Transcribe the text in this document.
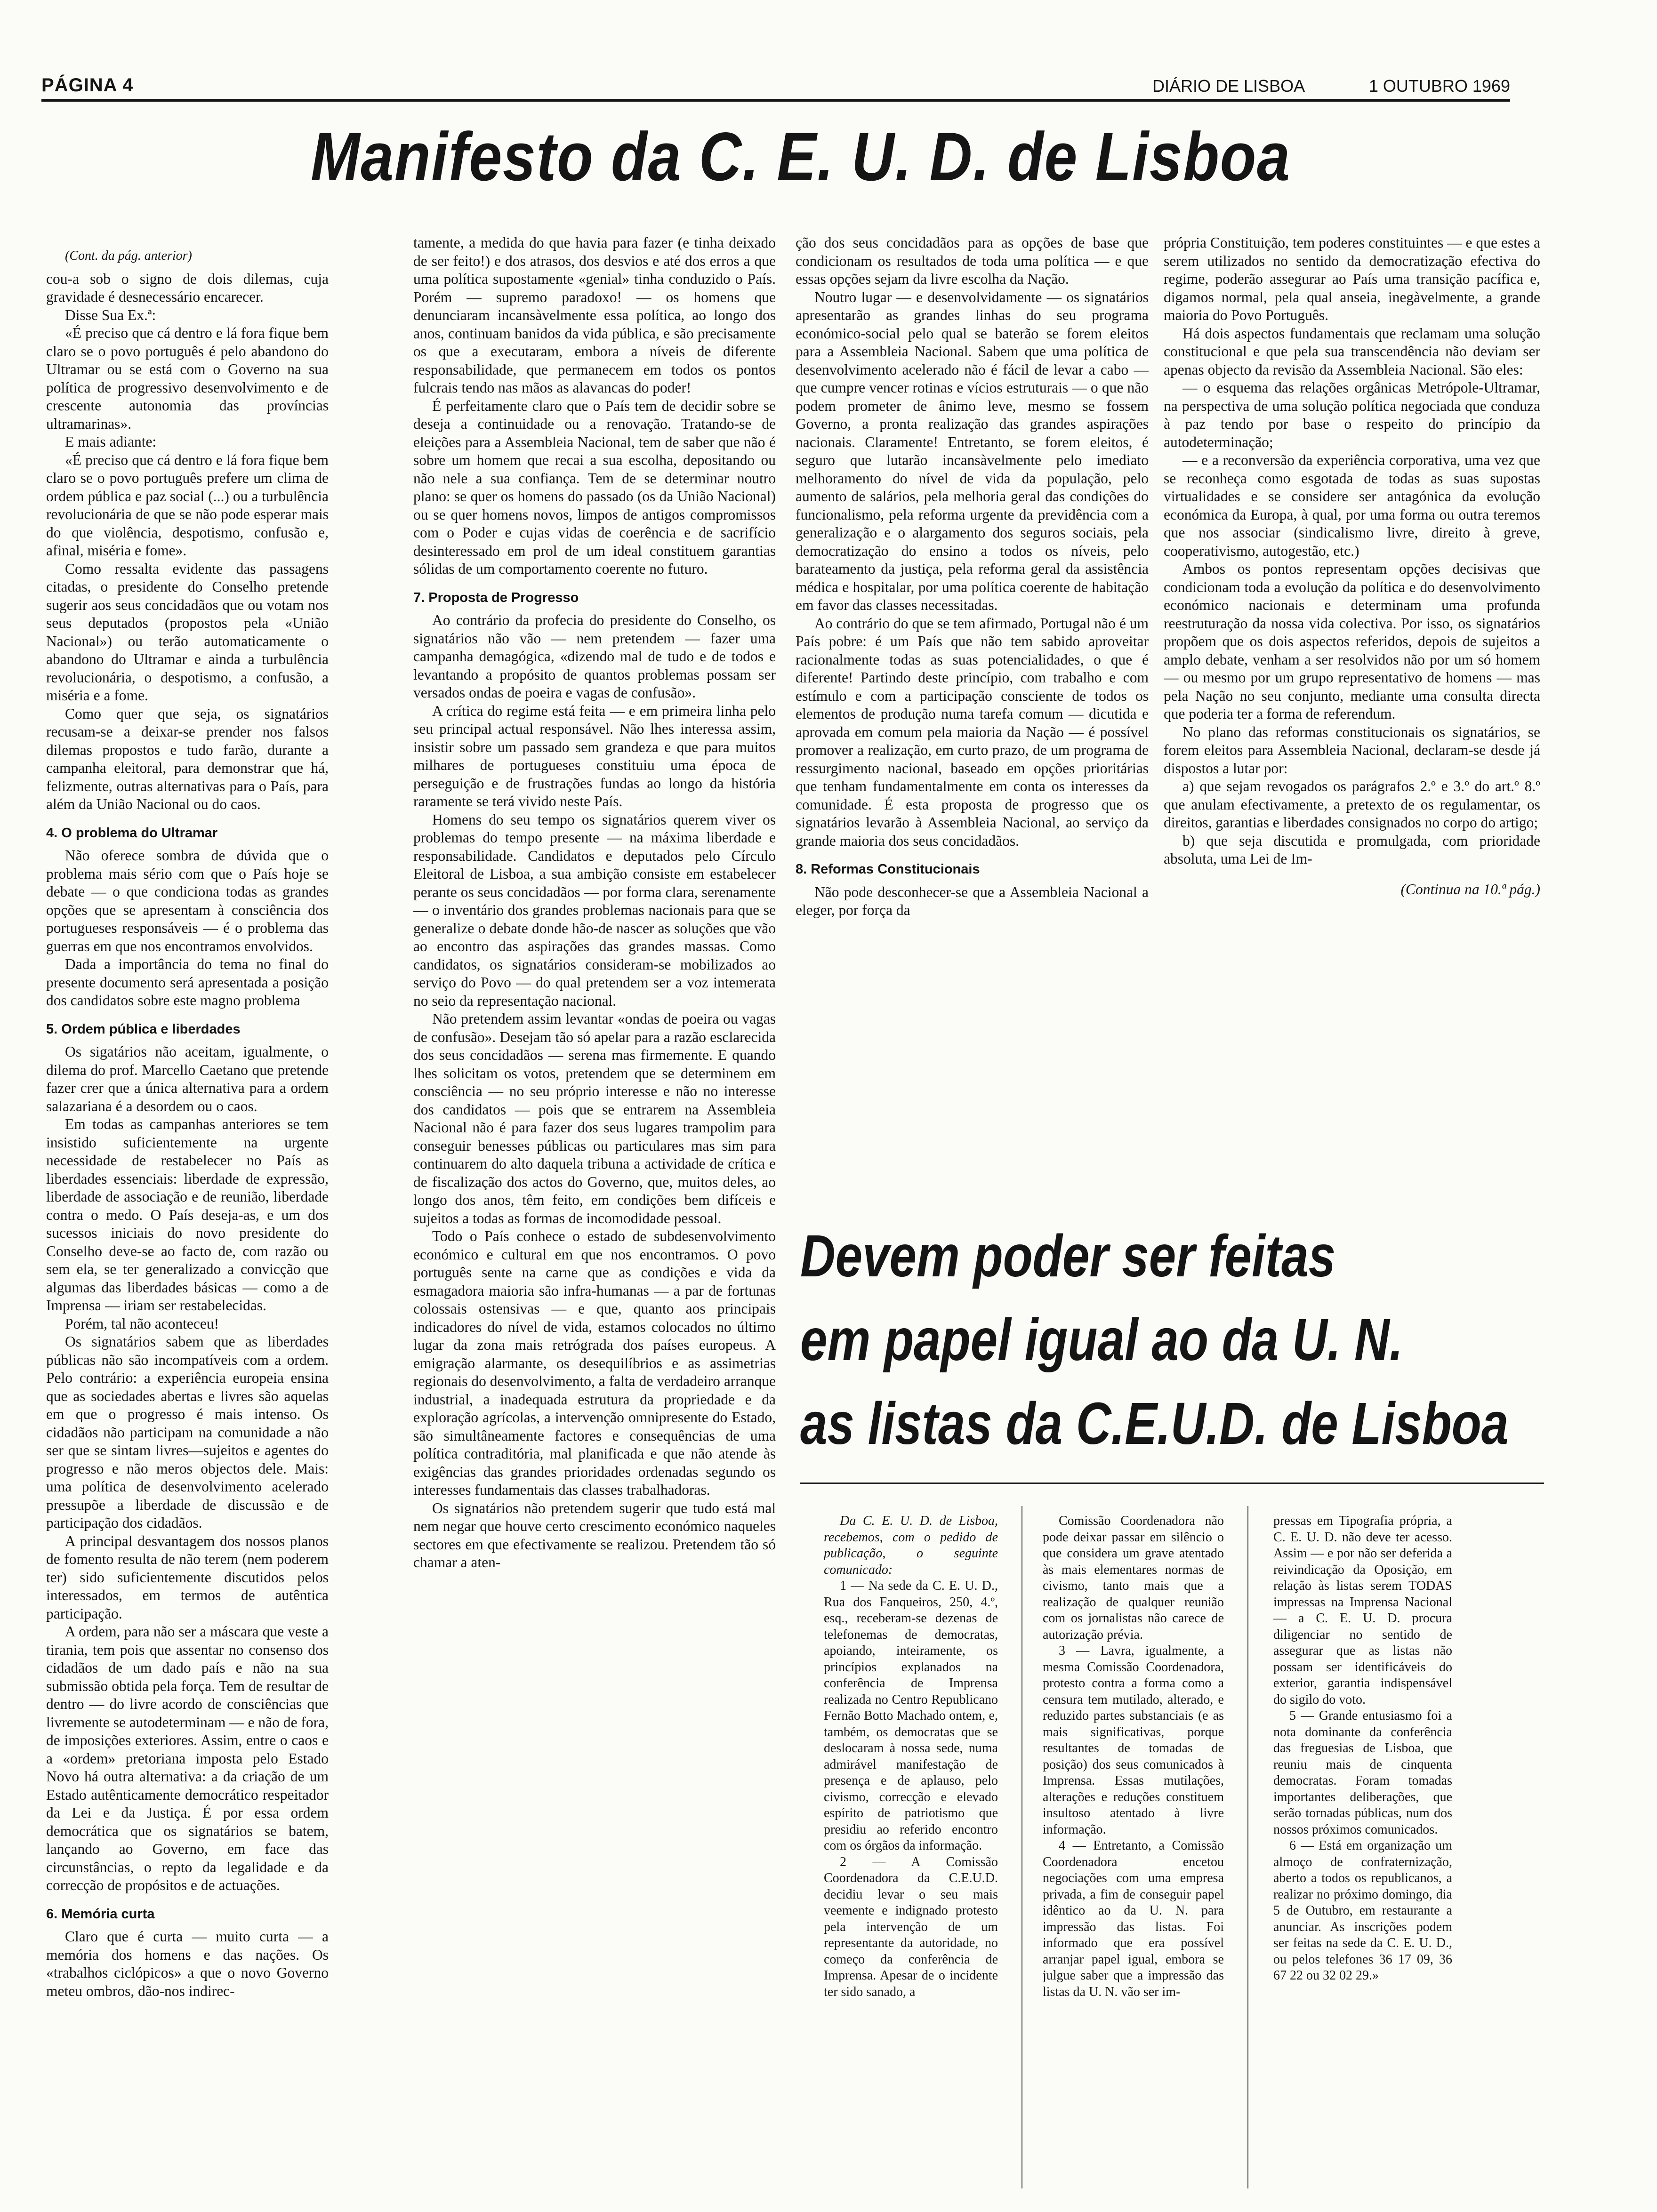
PÁGINA 4	DIÁRIO DE LISBOA	1 OUTUBRO 1969
Manifesto da C. E. U. D. de Lisboa

(Cont. da pág. anterior)

cou-a sob o signo de dois dilemas, cuja gravidade é desnecessário encarecer.

Disse Sua Ex.ª:

«É preciso que cá dentro e lá fora fique bem claro se o povo português é pelo abandono do Ultramar ou se está com o Governo na sua política de progressivo desenvolvimento e de crescente autonomia das províncias ultramarinas».

E mais adiante:

«É preciso que cá dentro e lá fora fique bem claro se o povo português prefere um clima de ordem pública e paz social (...) ou a turbulência revolucionária de que se não pode esperar mais do que violência, despotismo, confusão e, afinal, miséria e fome».

Como ressalta evidente das passagens citadas, o presidente do Conselho pretende sugerir aos seus concidadãos que ou votam nos seus deputados (propostos pela «União Nacional») ou terão automaticamente o abandono do Ultramar e ainda a turbulência revolucionária, o despotismo, a confusão, a miséria e a fome.

Como quer que seja, os signatários recusam-se a deixar-se prender nos falsos dilemas propostos e tudo farão, durante a campanha eleitoral, para demonstrar que há, felizmente, outras alternativas para o País, para além da União Nacional ou do caos.

4. O problema do Ultramar

Não oferece sombra de dúvida que o problema mais sério com que o País hoje se debate — o que condiciona todas as grandes opções que se apresentam à consciência dos portugueses responsáveis — é o problema das guerras em que nos encontramos envolvidos.

Dada a importância do tema no final do presente documento será apresentada a posição dos candidatos sobre este magno problema

5. Ordem pública e liberdades

Os sigatários não aceitam, igualmente, o dilema do prof. Marcello Caetano que pretende fazer crer que a única alternativa para a ordem salazariana é a desordem ou o caos.

Em todas as campanhas anteriores se tem insistido suficientemente na urgente necessidade de restabelecer no País as liberdades essenciais: liberdade de expressão, liberdade de associação e de reunião, liberdade contra o medo. O País deseja-as, e um dos sucessos iniciais do novo presidente do Conselho deve-se ao facto de, com razão ou sem ela, se ter generalizado a convicção que algumas das liberdades básicas — como a de Imprensa — iriam ser restabelecidas.

Porém, tal não aconteceu!

Os signatários sabem que as liberdades públicas não são incompatíveis com a ordem. Pelo contrário: a experiência europeia ensina que as sociedades abertas e livres são aquelas em que o progresso é mais intenso. Os cidadãos não participam na comunidade a não ser que se sintam livres—sujeitos e agentes do progresso e não meros objectos dele. Mais: uma política de desenvolvimento acelerado pressupõe a liberdade de discussão e de participação dos cidadãos.

A principal desvantagem dos nossos planos de fomento resulta de não terem (nem poderem ter) sido suficientemente discutidos pelos interessados, em termos de autêntica participação.

A ordem, para não ser a máscara que veste a tirania, tem pois que assentar no consenso dos cidadãos de um dado país e não na sua submissão obtida pela força. Tem de resultar de dentro — do livre acordo de consciências que livremente se autodeterminam — e não de fora, de imposições exteriores. Assim, entre o caos e a «ordem» pretoriana imposta pelo Estado Novo há outra alternativa: a da criação de um Estado autênticamente democrático respeitador da Lei e da Justiça. É por essa ordem democrática que os signatários se batem, lançando ao Governo, em face das circunstâncias, o repto da legalidade e da correcção de propósitos e de actuações.

6. Memória curta

Claro que é curta — muito curta — a memória dos homens e das nações. Os «trabalhos ciclópicos» a que o novo Governo meteu ombros, dão-nos indirec-

tamente, a medida do que havia para fazer (e tinha deixado de ser feito!) e dos atrasos, dos desvios e até dos erros a que uma política supostamente «genial» tinha conduzido o País. Porém — supremo paradoxo! — os homens que denunciaram incansàvelmente essa política, ao longo dos anos, continuam banidos da vida pública, e são precisamente os que a executaram, embora a níveis de diferente responsabilidade, que permanecem em todos os pontos fulcrais tendo nas mãos as alavancas do poder!

É perfeitamente claro que o País tem de decidir sobre se deseja a continuidade ou a renovação. Tratando-se de eleições para a Assembleia Nacional, tem de saber que não é sobre um homem que recai a sua escolha, depositando ou não nele a sua confiança. Tem de se determinar noutro plano: se quer os homens do passado (os da União Nacional) ou se quer homens novos, limpos de antigos compromissos com o Poder e cujas vidas de coerência e de sacrifício desinteressado em prol de um ideal constituem garantias sólidas de um comportamento coerente no futuro.

7. Proposta de Progresso

Ao contrário da profecia do presidente do Conselho, os signatários não vão — nem pretendem — fazer uma campanha demagógica, «dizendo mal de tudo e de todos e levantando a propósito de quantos problemas possam ser versados ondas de poeira e vagas de confusão».

A crítica do regime está feita — e em primeira linha pelo seu principal actual responsável. Não lhes interessa assim, insistir sobre um passado sem grandeza e que para muitos milhares de portugueses constituiu uma época de perseguição e de frustrações fundas ao longo da história raramente se terá vivido neste País.

Homens do seu tempo os signatários querem viver os problemas do tempo presente — na máxima liberdade e responsabilidade. Candidatos e deputados pelo Círculo Eleitoral de Lisboa, a sua ambição consiste em estabelecer perante os seus concidadãos — por forma clara, serenamente — o inventário dos grandes problemas nacionais para que se generalize o debate donde hão-de nascer as soluções que vão ao encontro das aspirações das grandes massas. Como candidatos, os signatários consideram-se mobilizados ao serviço do Povo — do qual pretendem ser a voz intemerata no seio da representação nacional.

Não pretendem assim levantar «ondas de poeira ou vagas de confusão». Desejam tão só apelar para a razão esclarecida dos seus concidadãos — serena mas firmemente. E quando lhes solicitam os votos, pretendem que se determinem em consciência — no seu próprio interesse e não no interesse dos candidatos — pois que se entrarem na Assembleia Nacional não é para fazer dos seus lugares trampolim para conseguir benesses públicas ou particulares mas sim para continuarem do alto daquela tribuna a actividade de crítica e de fiscalização dos actos do Governo, que, muitos deles, ao longo dos anos, têm feito, em condições bem difíceis e sujeitos a todas as formas de incomodidade pessoal.

Todo o País conhece o estado de subdesenvolvimento económico e cultural em que nos encontramos. O povo português sente na carne que as condições e vida da esmagadora maioria são infra-humanas — a par de fortunas colossais ostensivas — e que, quanto aos principais indicadores do nível de vida, estamos colocados no último lugar da zona mais retrógrada dos países europeus. A emigração alarmante, os desequilíbrios e as assimetrias regionais do desenvolvimento, a falta de verdadeiro arranque industrial, a inadequada estrutura da propriedade e da exploração agrícolas, a intervenção omnipresente do Estado, são simultâneamente factores e consequências de uma política contraditória, mal planificada e que não atende às exigências das grandes prioridades ordenadas segundo os interesses fundamentais das classes trabalhadoras.

Os signatários não pretendem sugerir que tudo está mal nem negar que houve certo crescimento económico naqueles sectores em que efectivamente se realizou. Pretendem tão só chamar a aten-

ção dos seus concidadãos para as opções de base que condicionam os resultados de toda uma política — e que essas opções sejam da livre escolha da Nação.

Noutro lugar — e desenvolvidamente — os signatários apresentarão as grandes linhas do seu programa económico-social pelo qual se baterão se forem eleitos para a Assembleia Nacional. Sabem que uma política de desenvolvimento acelerado não é fácil de levar a cabo — que cumpre vencer rotinas e vícios estruturais — o que não podem prometer de ânimo leve, mesmo se fossem Governo, a pronta realização das grandes aspirações nacionais. Claramente! Entretanto, se forem eleitos, é seguro que lutarão incansàvelmente pelo imediato melhoramento do nível de vida da população, pelo aumento de salários, pela melhoria geral das condições do funcionalismo, pela reforma urgente da previdência com a generalização e o alargamento dos seguros sociais, pela democratização do ensino a todos os níveis, pelo barateamento da justiça, pela reforma geral da assistência médica e hospitalar, por uma política coerente de habitação em favor das classes necessitadas.

Ao contrário do que se tem afirmado, Portugal não é um País pobre: é um País que não tem sabido aproveitar racionalmente todas as suas potencialidades, o que é diferente! Partindo deste princípio, com trabalho e com estímulo e com a participação consciente de todos os elementos de produção numa tarefa comum — dicutida e aprovada em comum pela maioria da Nação — é possível promover a realização, em curto prazo, de um programa de ressurgimento nacional, baseado em opções prioritárias que tenham fundamentalmente em conta os interesses da comunidade. É esta proposta de progresso que os signatários levarão à Assembleia Nacional, ao serviço da grande maioria dos seus concidadãos.

8. Reformas Constitucionais

Não pode desconhecer-se que a Assembleia Nacional a eleger, por força da

própria Constituição, tem poderes constituintes — e que estes a serem utilizados no sentido da democratização efectiva do regime, poderão assegurar ao País uma transição pacífica e, digamos normal, pela qual anseia, inegàvelmente, a grande maioria do Povo Português.

Há dois aspectos fundamentais que reclamam uma solução constitucional e que pela sua transcendência não deviam ser apenas objecto da revisão da Assembleia Nacional. São eles:

— o esquema das relações orgânicas Metrópole-Ultramar, na perspectiva de uma solução política negociada que conduza à paz tendo por base o respeito do princípio da autodeterminação;

— e a reconversão da experiência corporativa, uma vez que se reconheça como esgotada de todas as suas supostas virtualidades e se considere ser antagónica da evolução económica da Europa, à qual, por uma forma ou outra teremos que nos associar (sindicalismo livre, direito à greve, cooperativismo, autogestão, etc.)

Ambos os pontos representam opções decisivas que condicionam toda a evolução da política e do desenvolvimento económico nacionais e determinam uma profunda reestruturação da nossa vida colectiva. Por isso, os signatários propõem que os dois aspectos referidos, depois de sujeitos a amplo debate, venham a ser resolvidos não por um só homem — ou mesmo por um grupo representativo de homens — mas pela Nação no seu conjunto, mediante uma consulta directa que poderia ter a forma de referendum.

No plano das reformas constitucionais os signatários, se forem eleitos para Assembleia Nacional, declaram-se desde já dispostos a lutar por:

a) que sejam revogados os parágrafos 2.º e 3.º do art.º 8.º que anulam efectivamente, a pretexto de os regulamentar, os direitos, garantias e liberdades consignados no corpo do artigo;

b) que seja discutida e promulgada, com prioridade absoluta, uma Lei de Im-

(Continua na 10.ª pág.)

Devem poder ser feitas
em papel igual ao da U. N.
as listas da C.E.U.D. de Lisboa

Da C. E. U. D. de Lisboa, recebemos, com o pedido de publicação, o seguinte comunicado:

1 — Na sede da C. E. U. D., Rua dos Fanqueiros, 250, 4.º, esq., receberam-se dezenas de telefonemas de democratas, apoiando, inteiramente, os princípios explanados na conferência de Imprensa realizada no Centro Republicano Fernão Botto Machado ontem, e, também, os democratas que se deslocaram à nossa sede, numa admirável manifestação de presença e de aplauso, pelo civismo, correcção e elevado espírito de patriotismo que presidiu ao referido encontro com os órgãos da informação.

2 — A Comissão Coordenadora da C.E.U.D. decidiu levar o seu mais veemente e indignado protesto pela intervenção de um representante da autoridade, no começo da conferência de Imprensa. Apesar de o incidente ter sido sanado, a

Comissão Coordenadora não pode deixar passar em silêncio o que considera um grave atentado às mais elementares normas de civismo, tanto mais que a realização de qualquer reunião com os jornalistas não carece de autorização prévia.

3 — Lavra, igualmente, a mesma Comissão Coordenadora, protesto contra a forma como a censura tem mutilado, alterado, e reduzido partes substanciais (e as mais significativas, porque resultantes de tomadas de posição) dos seus comunicados à Imprensa. Essas mutilações, alterações e reduções constituem insultoso atentado à livre informação.

4 — Entretanto, a Comissão Coordenadora encetou negociações com uma empresa privada, a fim de conseguir papel idêntico ao da U. N. para impressão das listas. Foi informado que era possível arranjar papel igual, embora se julgue saber que a impressão das listas da U. N. vão ser im-

pressas em Tipografia própria, a C. E. U. D. não deve ter acesso. Assim — e por não ser deferida a reivindicação da Oposição, em relação às listas serem TODAS impressas na Imprensa Nacional — a C. E. U. D. procura diligenciar no sentido de assegurar que as listas não possam ser identificáveis do exterior, garantia indispensável do sigilo do voto.

5 — Grande entusiasmo foi a nota dominante da conferência das freguesias de Lisboa, que reuniu mais de cinquenta democratas. Foram tomadas importantes deliberações, que serão tornadas públicas, num dos nossos próximos comunicados.

6 — Está em organização um almoço de confraternização, aberto a todos os republicanos, a realizar no próximo domingo, dia 5 de Outubro, em restaurante a anunciar. As inscrições podem ser feitas na sede da C. E. U. D., ou pelos telefones 36 17 09, 36 67 22 ou 32 02 29.»
